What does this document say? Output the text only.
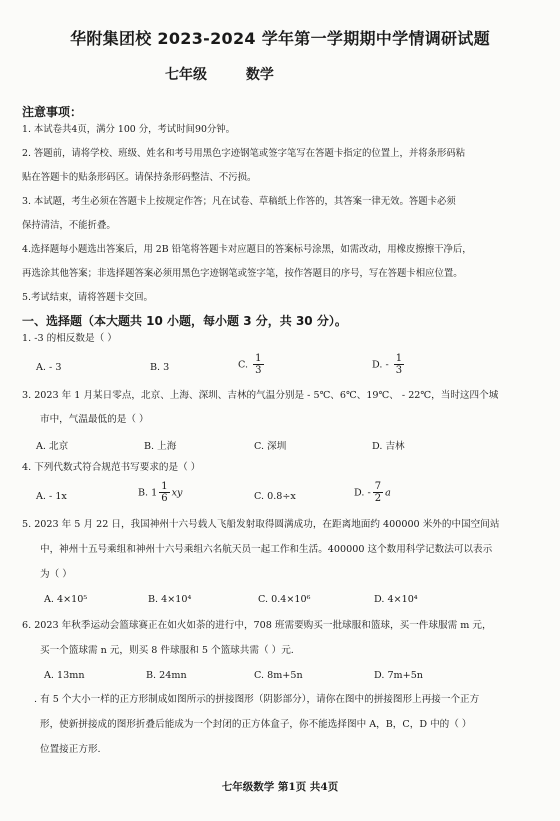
华附集团校 2023-2024 学年第一学期期中学情调研试题
七年级	数学
注意事项：
1. 本试卷共4页，满分 100 分，考试时间90分钟。
2. 答题前，请将学校、班级、姓名和考号用黑色字迹钢笔或签字笔写在答题卡指定的位置上，并将条形码粘
贴在答题卡的贴条形码区。请保持条形码整洁、不污损。
3. 本试题，考生必须在答题卡上按规定作答；凡在试卷、草稿纸上作答的，其答案一律无效。答题卡必须
保持清洁，不能折叠。
4.选择题每小题选出答案后，用 2B 铅笔将答题卡对应题目的答案标号涂黑，如需改动，用橡皮擦擦干净后，
再选涂其他答案；非选择题答案必须用黑色字迹钢笔或签字笔，按作答题目的序号，写在答题卡相应位置。
5.考试结束，请将答题卡交回。
一、选择题（本大题共 10 小题，每小题 3 分，共 30 分）。
1. -3 的相反数是（ ）
A. - 3	B. 3	C. $\frac{1}{3}$	D. - $\frac{1}{3}$
3. 2023 年 1 月某日零点，北京、上海、深圳、吉林的气温分别是 - 5℃、6℃、19℃、 - 22℃，当时这四个城
市中，气温最低的是（ ）
A. 北京	B. 上海	C. 深圳	D. 吉林
4. 下列代数式符合规范书写要求的是（ ）
A. - 1x	B. $1 \frac{1}{6}$ xy	C. 0.8÷x	D. - $\frac{7}{2}$ a
5. 2023 年 5 月 22 日，我国神州十六号载人飞船发射取得圆满成功，在距离地面约 400000 米外的中国空间站
中，神州十五号乘组和神州十六号乘组六名航天员一起工作和生活。400000 这个数用科学记数法可以表示
为（ ）
A. 4×10⁵	B. 4×10⁴	C. 0.4×10⁶	D. 4×10⁴
6. 2023 年秋季运动会篮球赛正在如火如荼的进行中，708 班需要购买一批球服和篮球，买一件球服需 m 元，
买一个篮球需 n 元，则买 8 件球服和 5 个篮球共需（ ）元.
A. 13mn	B. 24mn	C. 8m+5n	D. 7m+5n
. 有 5 个大小一样的正方形制成如图所示的拼接图形（阴影部分），请你在图中的拼接图形上再接一个正方
形，使新拼接成的图形折叠后能成为一个封闭的正方体盒子，你不能选择图中 A，B，C，D 中的（ ）
位置接正方形.
七年级数学 第1页 共4页
